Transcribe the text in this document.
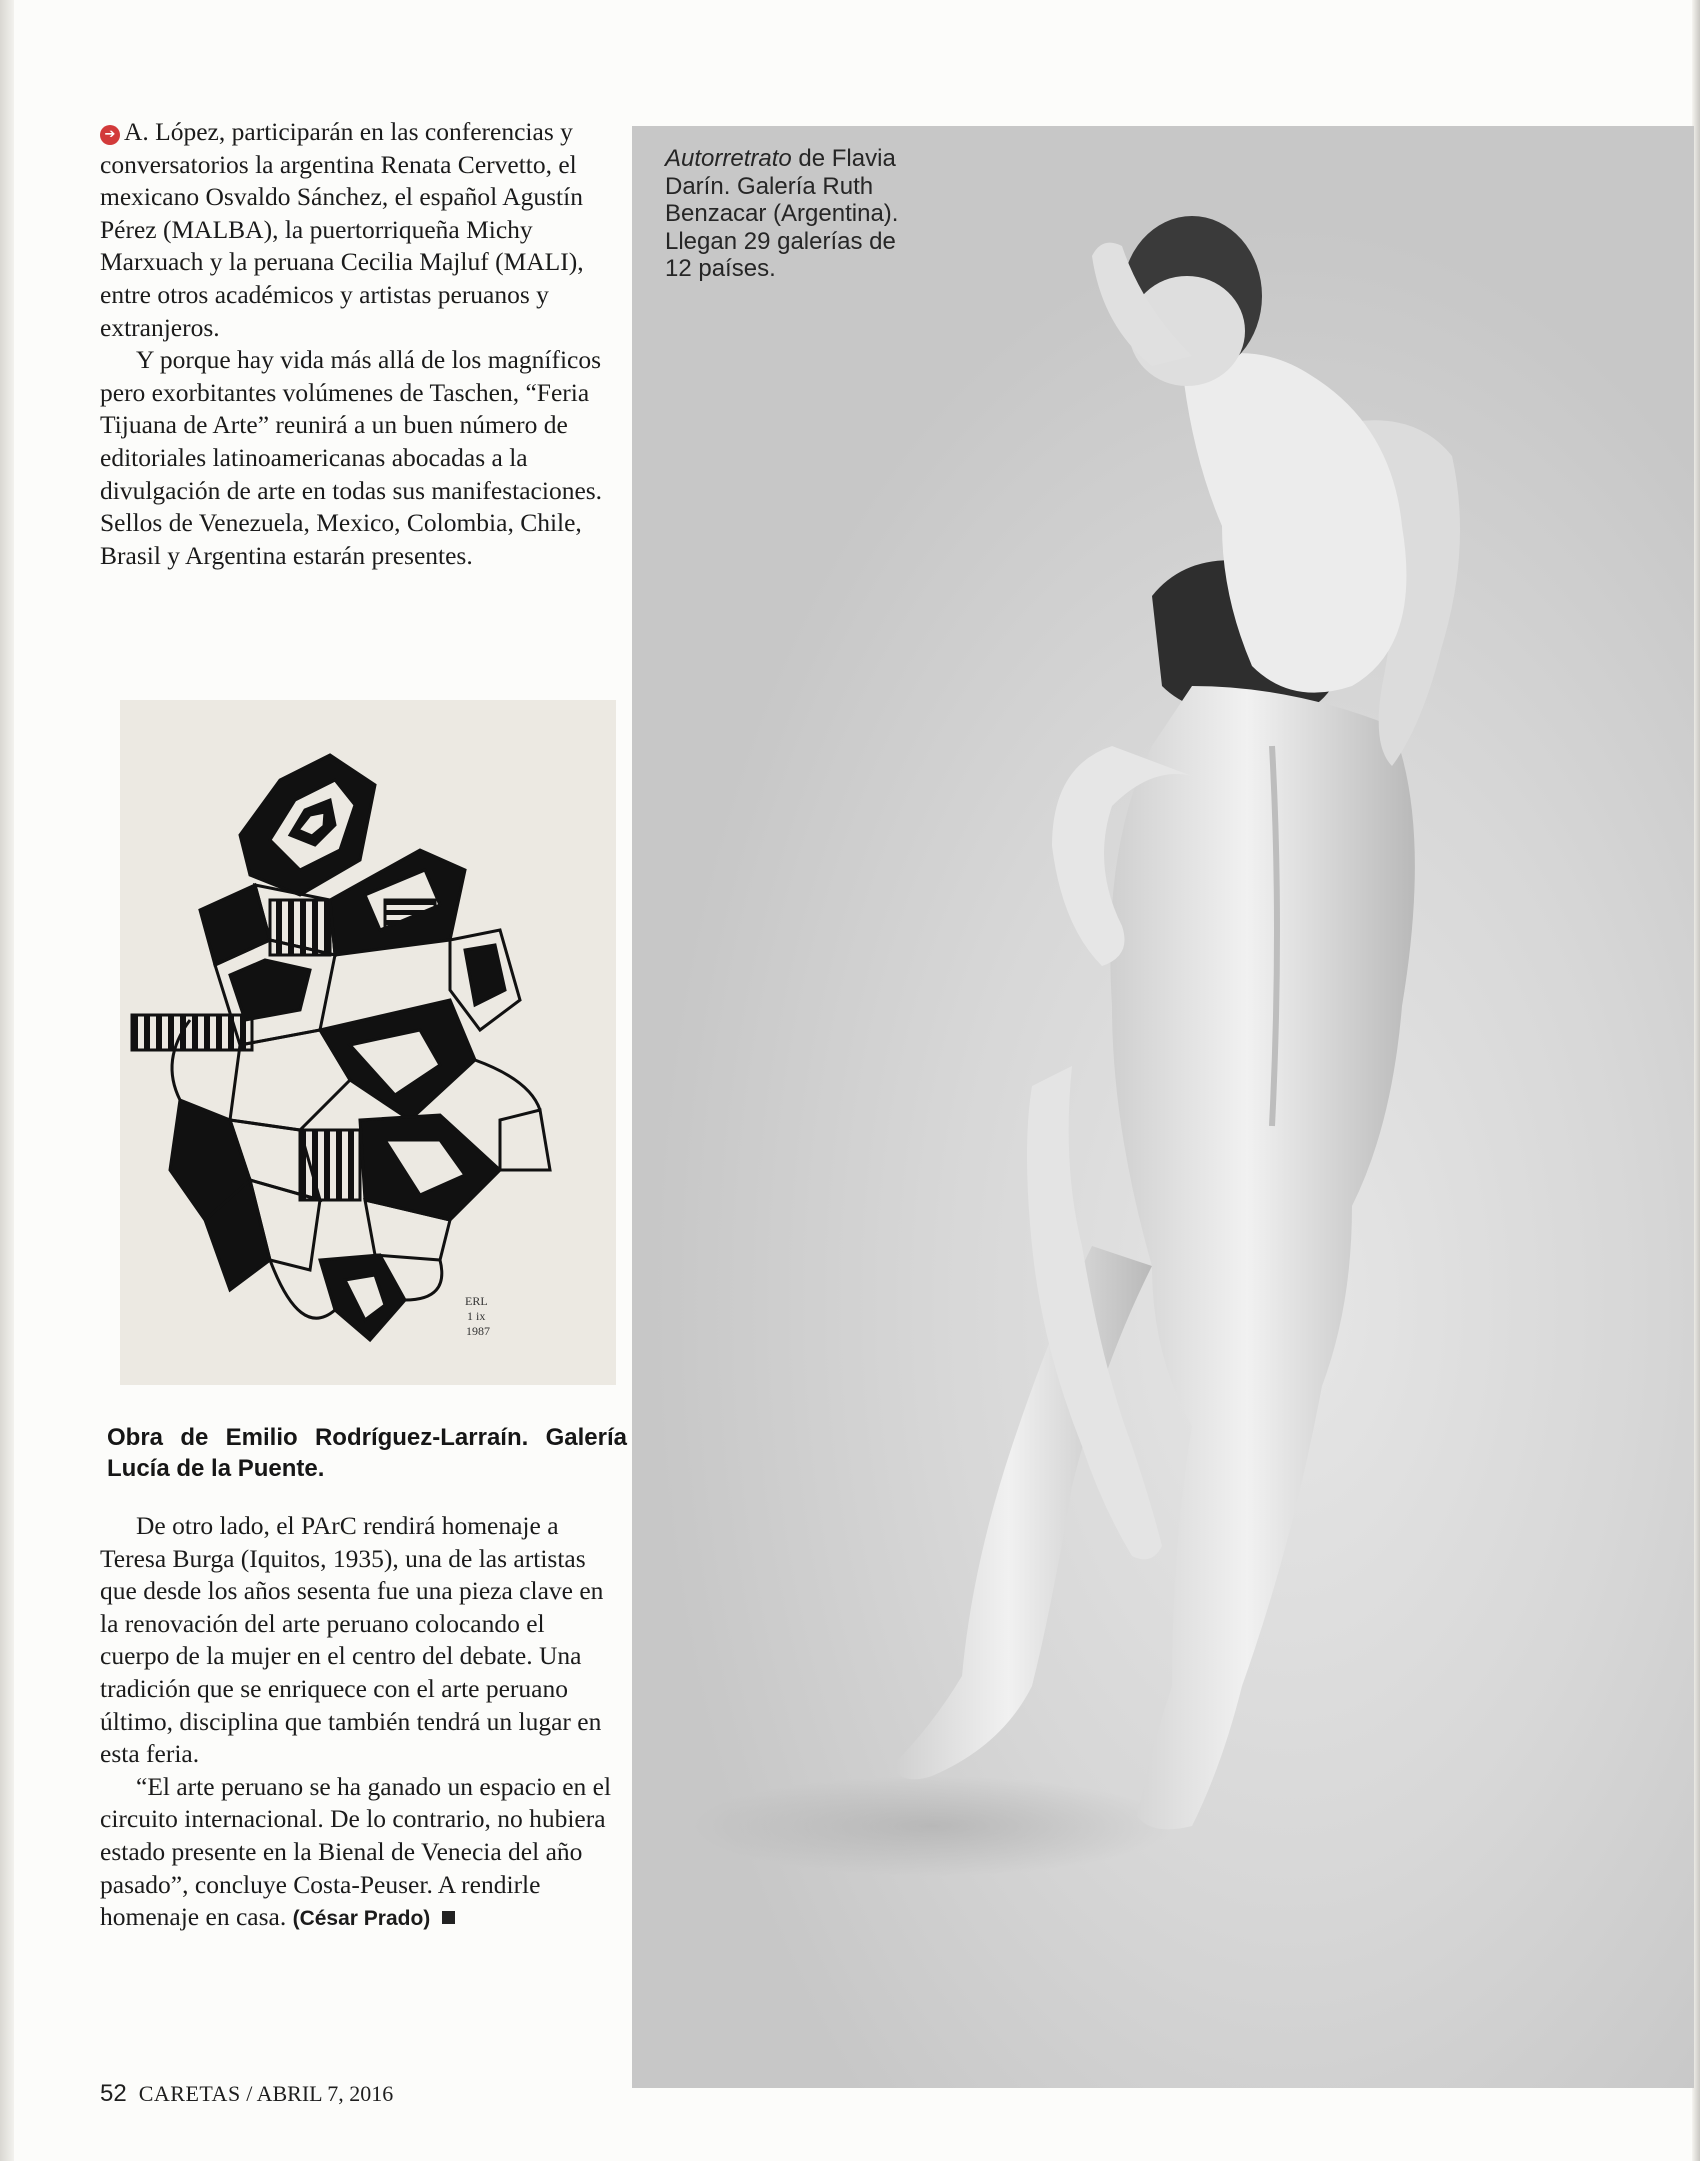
➔ A. López, participarán en las conferencias y conversatorios la argentina Renata Cervetto, el mexicano Osvaldo Sánchez, el español Agustín Pérez (MALBA), la puertorriqueña Michy Marxuach y la peruana Cecilia Majluf (MALI), entre otros académicos y artistas peruanos y extranjeros.

Y porque hay vida más allá de los magníficos pero exorbitantes volúmenes de Taschen, “Feria Tijuana de Arte” reunirá a un buen número de editoriales latinoamericanas abocadas a la divulgación de arte en todas sus manifestaciones. Sellos de Venezuela, Mexico, Colombia, Chile, Brasil y Argentina estarán presentes.

ERL
1 ix
1987
Obra de Emilio Rodríguez-Larraín. Galería Lucía de la Puente.

De otro lado, el PArC rendirá homenaje a Teresa Burga (Iquitos, 1935), una de las artistas que desde los años sesenta fue una pieza clave en la renovación del arte peruano colocando el cuerpo de la mujer en el centro del debate. Una tradición que se enriquece con el arte peruano último, disciplina que también tendrá un lugar en esta feria.

“El arte peruano se ha ganado un espacio en el circuito internacional. De lo contrario, no hubiera estado presente en la Bienal de Venecia del año pasado”, concluye Costa-Peuser. A rendirle homenaje en casa. (César Prado)

Autorretrato de Flavia Darín. Galería Ruth Benzacar (Argentina). Llegan 29 galerías de 12 países.
52 CARETAS / ABRIL 7, 2016
